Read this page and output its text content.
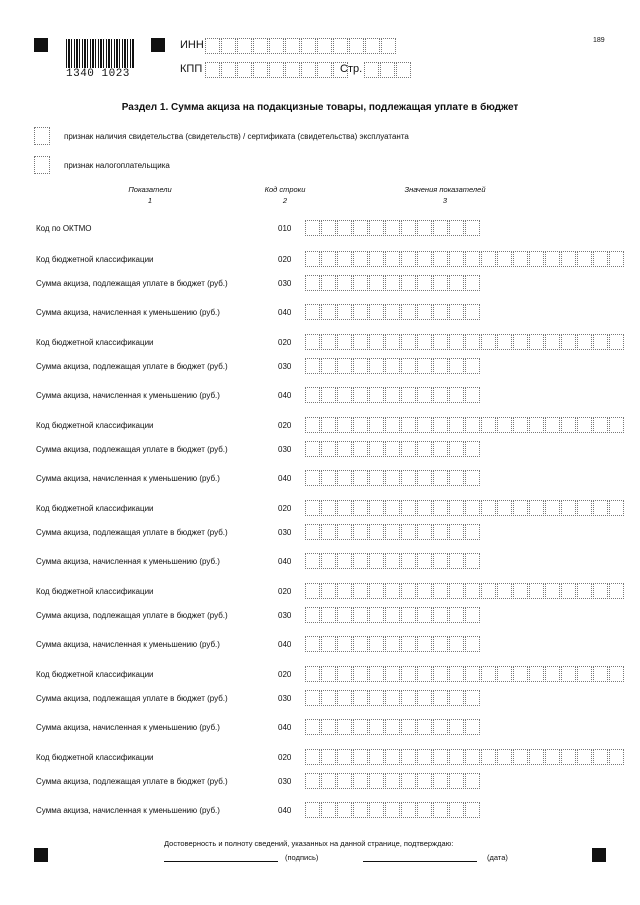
1340 1023
ИНН
КПП	Стр.
189
Раздел 1. Сумма акциза на подакцизные товары, подлежащая уплате в бюджет
признак наличия свидетельства (свидетельств) / сертификата (свидетельства) эксплуатанта
признак налогоплательщика
Показатели
1
Код строки
2
Значения показателей
3
Код по ОКТМО	010
Код бюджетной классификации	020
Сумма акциза, подлежащая уплате в бюджет (руб.)	030
Сумма акциза, начисленная к уменьшению (руб.)	040
Код бюджетной классификации	020
Сумма акциза, подлежащая уплате в бюджет (руб.)	030
Сумма акциза, начисленная к уменьшению (руб.)	040
Код бюджетной классификации	020
Сумма акциза, подлежащая уплате в бюджет (руб.)	030
Сумма акциза, начисленная к уменьшению (руб.)	040
Код бюджетной классификации	020
Сумма акциза, подлежащая уплате в бюджет (руб.)	030
Сумма акциза, начисленная к уменьшению (руб.)	040
Код бюджетной классификации	020
Сумма акциза, подлежащая уплате в бюджет (руб.)	030
Сумма акциза, начисленная к уменьшению (руб.)	040
Код бюджетной классификации	020
Сумма акциза, подлежащая уплате в бюджет (руб.)	030
Сумма акциза, начисленная к уменьшению (руб.)	040
Код бюджетной классификации	020
Сумма акциза, подлежащая уплате в бюджет (руб.)	030
Сумма акциза, начисленная к уменьшению (руб.)	040
Достоверность и полноту сведений, указанных на данной странице, подтверждаю:
(подпись)	(дата)
